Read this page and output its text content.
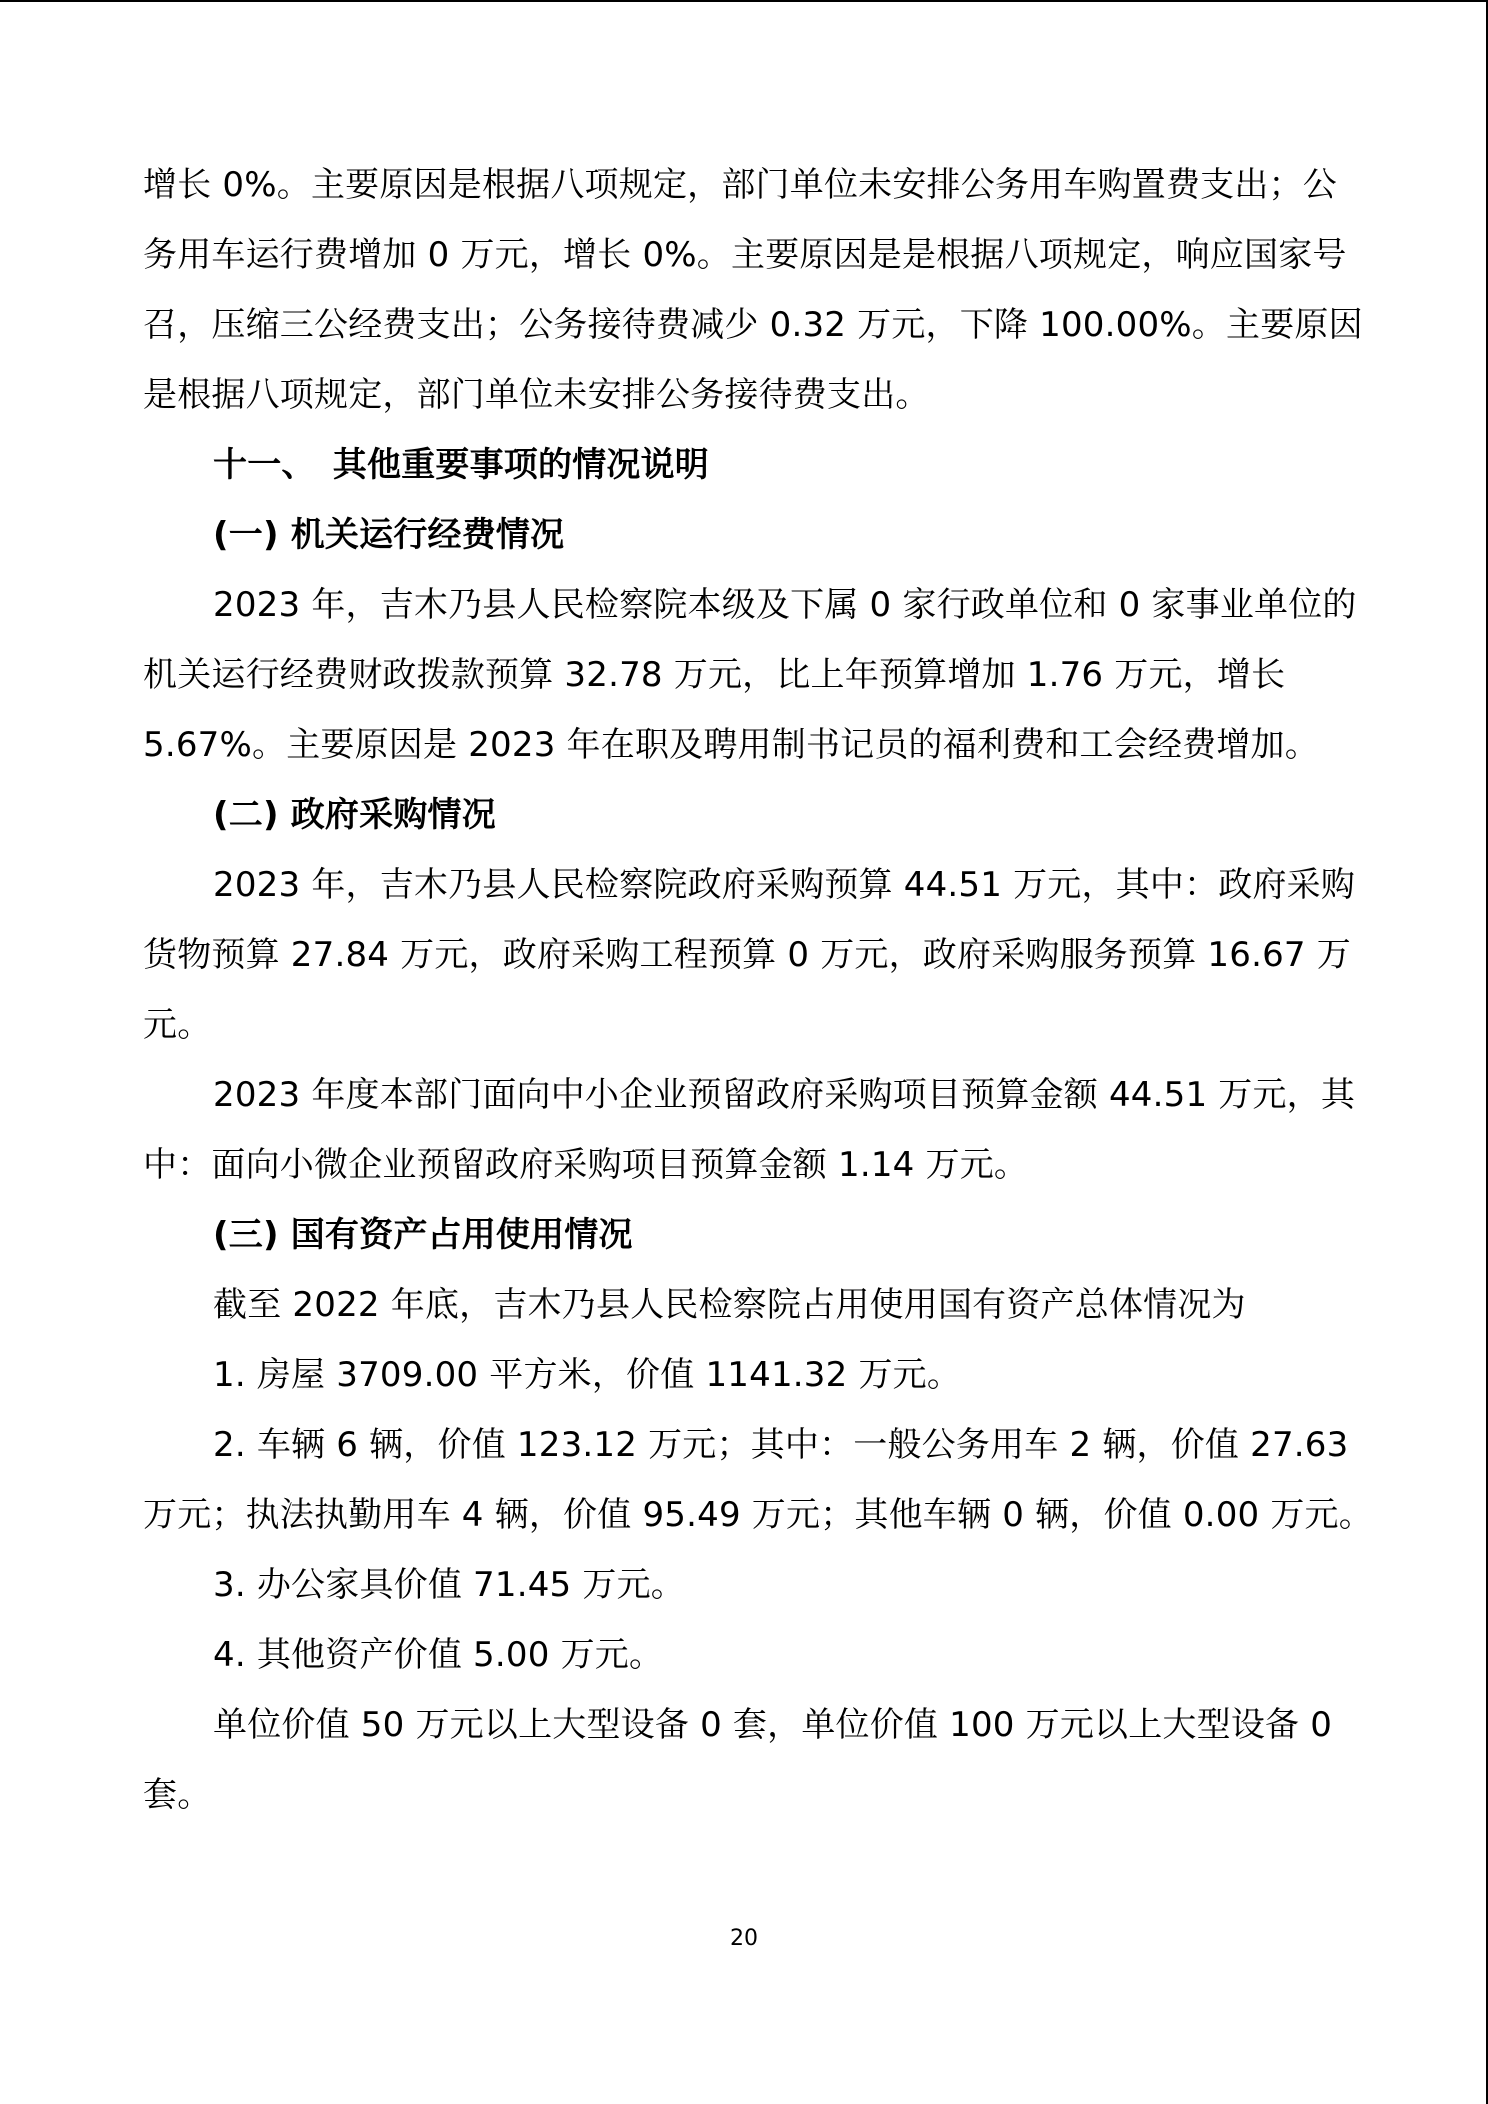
增长 0%。主要原因是根据八项规定，部门单位未安排公务用车购置费支出；公
务用车运行费增加 0 万元，增长 0%。主要原因是是根据八项规定，响应国家号
召，压缩三公经费支出；公务接待费减少 0.32 万元，下降 100.00%。主要原因
是根据八项规定，部门单位未安排公务接待费支出。
十一、　其他重要事项的情况说明
(一) 机关运行经费情况
2023 年，吉木乃县人民检察院本级及下属 0 家行政单位和 0 家事业单位的
机关运行经费财政拨款预算 32.78 万元，比上年预算增加 1.76 万元，增长
5.67%。主要原因是 2023 年在职及聘用制书记员的福利费和工会经费增加。
(二) 政府采购情况
2023 年，吉木乃县人民检察院政府采购预算 44.51 万元，其中：政府采购
货物预算 27.84 万元，政府采购工程预算 0 万元，政府采购服务预算 16.67 万
元。
2023 年度本部门面向中小企业预留政府采购项目预算金额 44.51 万元，其
中：面向小微企业预留政府采购项目预算金额 1.14 万元。
(三) 国有资产占用使用情况
截至 2022 年底，吉木乃县人民检察院占用使用国有资产总体情况为
1. 房屋 3709.00 平方米，价值 1141.32 万元。
2. 车辆 6 辆，价值 123.12 万元；其中：一般公务用车 2 辆，价值 27.63
万元；执法执勤用车 4 辆，价值 95.49 万元；其他车辆 0 辆，价值 0.00 万元。
3. 办公家具价值 71.45 万元。
4. 其他资产价值 5.00 万元。
单位价值 50 万元以上大型设备 0 套，单位价值 100 万元以上大型设备 0
套。
20
